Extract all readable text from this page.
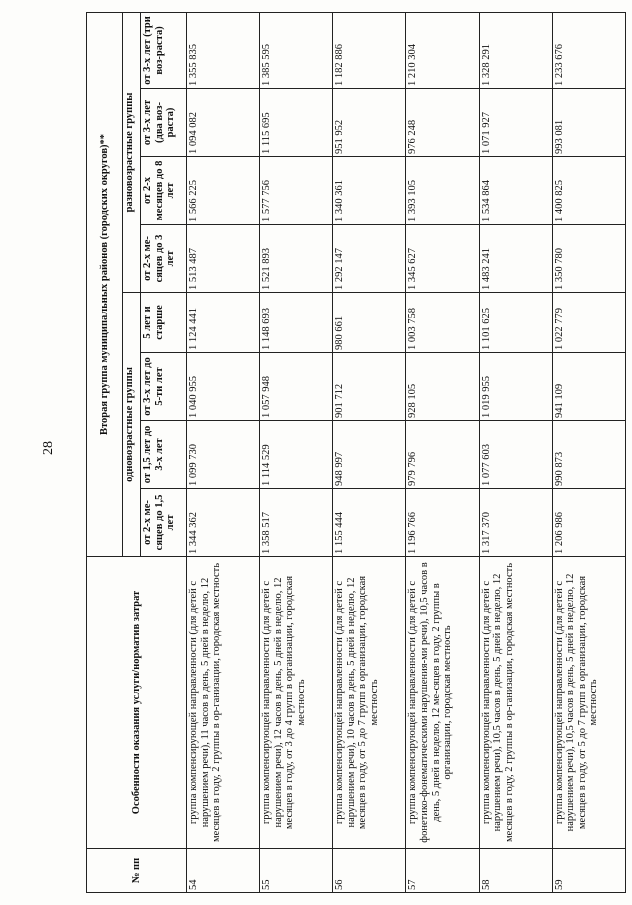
28
№ пп	Особенности оказания услуги/норматив затрат	Вторая группа муниципальных районов (городских округов)**							
		одновозрастные группы				разновозрастные группы			
		от 2-х ме-сяцев до 1,5 лет	от 1,5 лет до 3-х лет	от 3-х лет до 5-ти лет	5 лет и старше	от 2-х ме-сяцев до 3 лет	от 2-х месяцев до 8 лет	от 3-х лет (два воз-раста)	от 3-х лет (три воз-раста)
54	группа компенсирующей направленности (для детей с нарушением речи), 11 часов в день, 5 дней в неделю, 12 месяцев в году, 2 группы в ор-ганизации, городская местность	1 344 362	1 099 730	1 040 955	1 124 441	1 513 487	1 566 225	1 094 082	1 355 835
55	группа компенсирующей направленности (для детей с нарушением речи), 12 часов в день, 5 дней в неделю, 12 месяцев в году, от 3 до 4 групп в организации, городская местность	1 358 517	1 114 529	1 057 948	1 148 693	1 521 893	1 577 756	1 115 695	1 385 595
56	группа компенсирующей направленности (для детей с нарушением речи), 10 часов в день, 5 дней в неделю, 12 месяцев в году, от 5 до 7 групп в организации, городская местность	1 155 444	948 997	901 712	980 661	1 292 147	1 340 361	951 952	1 182 886
57	группа компенсирующей направленности (для детей с фонетико-фонематическими нарушения-ми речи), 10,5 часов в день, 5 дней в неделю, 12 ме-сяцев в году, 2 группы в организации, городская местность	1 196 766	979 796	928 105	1 003 758	1 345 627	1 393 105	976 248	1 210 304
58	группа компенсирующей направленности (для детей с нарушением речи), 10,5 часов в день, 5 дней в неделю, 12 месяцев в году, 2 группы в ор-ганизации, городская местность	1 317 370	1 077 603	1 019 955	1 101 625	1 483 241	1 534 864	1 071 927	1 328 291
59	группа компенсирующей направленности (для детей с нарушением речи), 10,5 часов в день, 5 дней в неделю, 12 месяцев в году, от 5 до 7 групп в организации, городская местность	1 206 986	990 873	941 109	1 022 779	1 350 780	1 400 825	993 081	1 233 676
